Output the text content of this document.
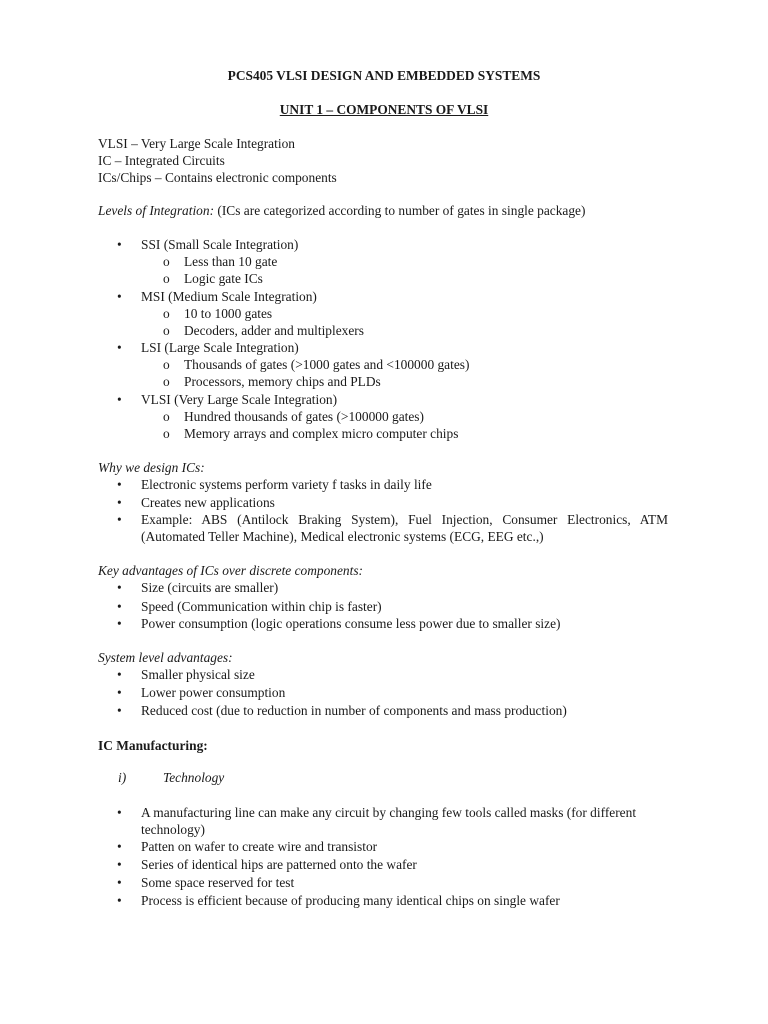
PCS405 VLSI DESIGN AND EMBEDDED SYSTEMS
UNIT 1 – COMPONENTS OF VLSI
VLSI – Very Large Scale Integration
IC – Integrated Circuits
ICs/Chips – Contains electronic components
Levels of Integration: (ICs are categorized according to number of gates in single package)
• SSI (Small Scale Integration)
o Less than 10 gate
o Logic gate ICs
• MSI (Medium Scale Integration)
o 10 to 1000 gates
o Decoders, adder and multiplexers
• LSI (Large Scale Integration)
o Thousands of gates (>1000 gates and <100000 gates)
o Processors, memory chips and PLDs
• VLSI (Very Large Scale Integration)
o Hundred thousands of gates (>100000 gates)
o Memory arrays and complex micro computer chips
Why we design ICs:
• Electronic systems perform variety f tasks in daily life
• Creates new applications
• Example: ABS (Antilock Braking System), Fuel Injection, Consumer Electronics, ATM
(Automated Teller Machine), Medical electronic systems (ECG, EEG etc.,)
Key advantages of ICs over discrete components:
• Size (circuits are smaller)
• Speed (Communication within chip is faster)
• Power consumption (logic operations consume less power due to smaller size)
System level advantages:
• Smaller physical size
• Lower power consumption
• Reduced cost (due to reduction in number of components and mass production)
IC Manufacturing:
i)	Technology
• A manufacturing line can make any circuit by changing few tools called masks (for different
technology)
• Patten on wafer to create wire and transistor
• Series of identical hips are patterned onto the wafer
• Some space reserved for test
• Process is efficient because of producing many identical chips on single wafer
